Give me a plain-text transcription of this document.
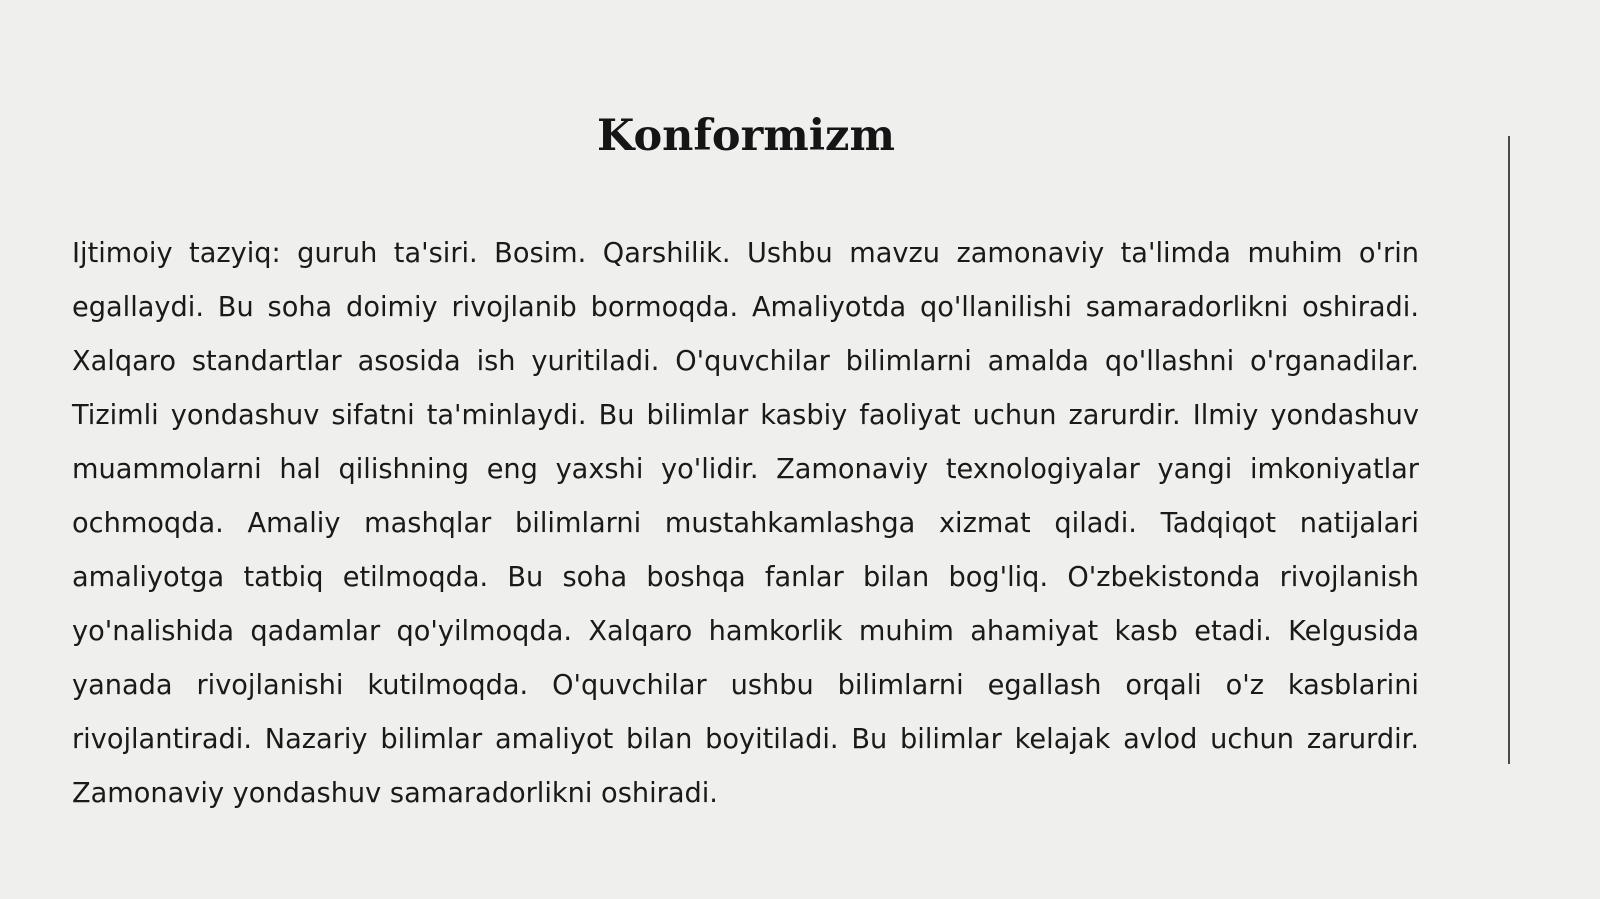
Konformizm

Ijtimoiy tazyiq: guruh ta'siri. Bosim. Qarshilik. Ushbu mavzu zamonaviy ta'limda muhim o'rin egallaydi. Bu soha doimiy rivojlanib bormoqda. Amaliyotda qo'llanilishi samaradorlikni oshiradi. Xalqaro standartlar asosida ish yuritiladi. O'quvchilar bilimlarni amalda qo'llashni o'rganadilar. Tizimli yondashuv sifatni ta'minlaydi. Bu bilimlar kasbiy faoliyat uchun zarurdir. Ilmiy yondashuv muammolarni hal qilishning eng yaxshi yo'lidir. Zamonaviy texnologiyalar yangi imkoniyatlar ochmoqda. Amaliy mashqlar bilimlarni mustahkamlashga xizmat qiladi. Tadqiqot natijalari amaliyotga tatbiq etilmoqda. Bu soha boshqa fanlar bilan bog'liq. O'zbekistonda rivojlanish yo'nalishida qadamlar qo'yilmoqda. Xalqaro hamkorlik muhim ahamiyat kasb etadi. Kelgusida yanada rivojlanishi kutilmoqda. O'quvchilar ushbu bilimlarni egallash orqali o'z kasblarini rivojlantiradi. Nazariy bilimlar amaliyot bilan boyitiladi. Bu bilimlar kelajak avlod uchun zarurdir. Zamonaviy yondashuv samaradorlikni oshiradi.
